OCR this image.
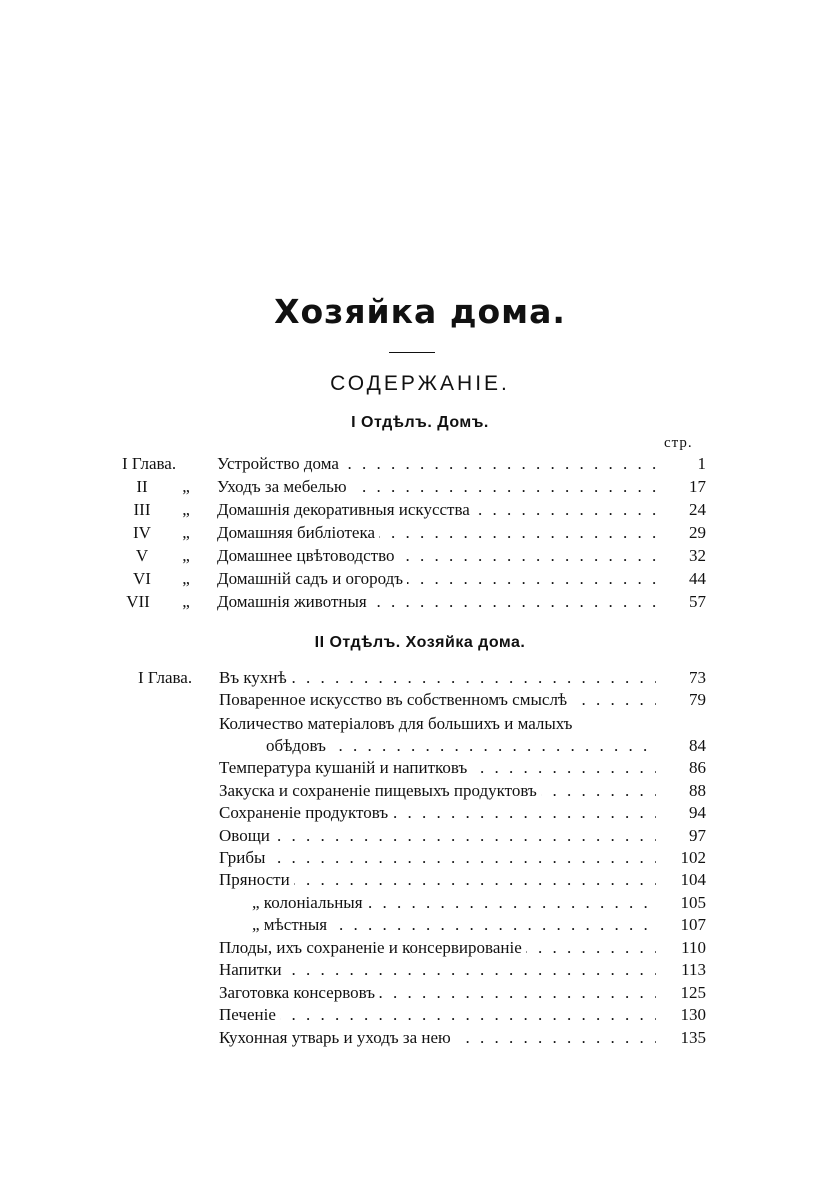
Хозяйка дома.
СОДЕРЖАНІЕ.
I Отдѣлъ. Домъ.
стр.
I Глава.	Устройство дома . . .	1
II	„ Уходъ за мебелью . . .	17
III	„ Домашнія декоративныя искусства . . .	24
IV	„ Домашняя библіотека . . .	29
V	„ Домашнее цвѣтоводство . . .	32
VI	„ Домашній садъ и огородъ . . .	44
VII	„ Домашнія животныя . . .	57
II Отдѣлъ. Хозяйка дома.
I Глава.	Въ кухнѣ . . .	73
Поваренное искусство въ собственномъ смыслѣ . . .	79
Количество матеріаловъ для большихъ и малыхъ
обѣдовъ . . .	84
Температура кушаній и напитковъ . . .	86
Закуска и сохраненіе пищевыхъ продуктовъ . . .	88
Сохраненіе продуктовъ . . .	94
Овощи . . .	97
Грибы . . .	102
Пряности . . .	104
„ колоніальныя . . .	105
„ мѣстныя . . .	107
Плоды, ихъ сохраненіе и консервированіе . . .	110
Напитки . . .	113
Заготовка консервовъ . . .	125
Печеніе . . .	130
Кухонная утварь и уходъ за нею . . .	135
